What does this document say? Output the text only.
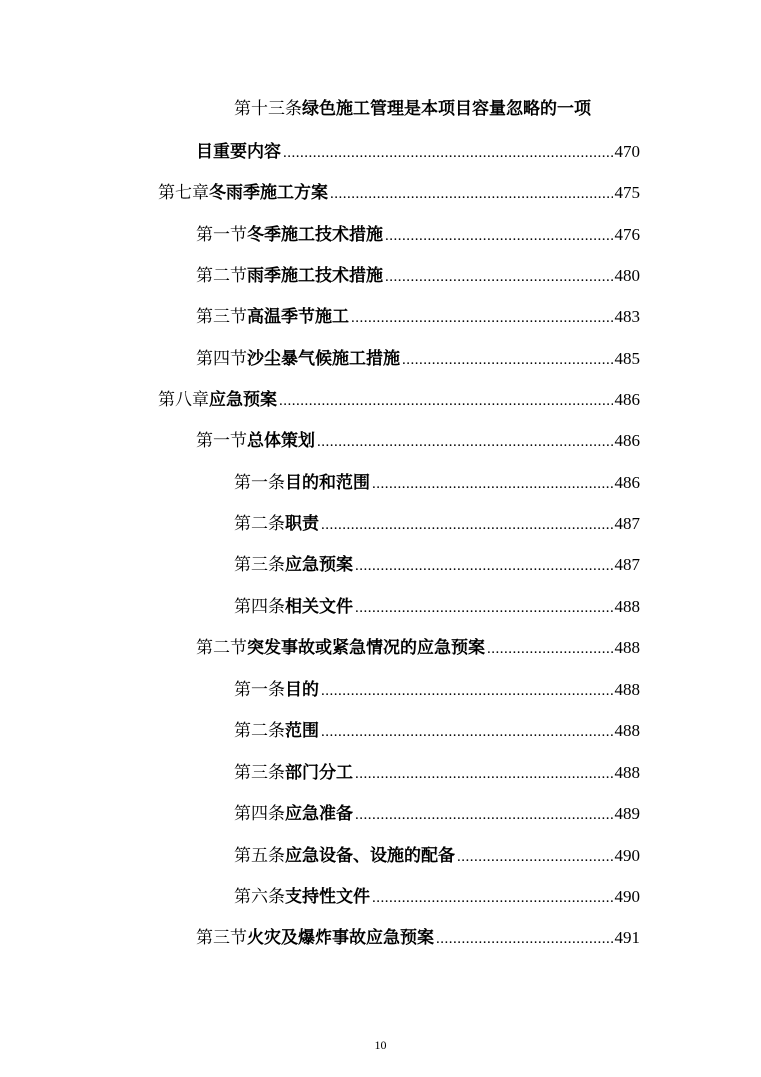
第十三条绿色施工管理是本项目容量忽略的一项
目重要内容 .....	470
第七章 冬雨季施工方案 .....	475
第一节 冬季施工技术措施 .....	476
第二节 雨季施工技术措施 .....	480
第三节 高温季节施工 .....	483
第四节 沙尘暴气候施工措施 .....	485
第八章 应急预案 .....	486
第一节 总体策划 .....	486
第一条 目的和范围 .....	486
第二条 职责 .....	487
第三条 应急预案 .....	487
第四条 相关文件 .....	488
第二节 突发事故或紧急情况的应急预案 .....	488
第一条 目的 .....	488
第二条 范围 .....	488
第三条 部门分工 .....	488
第四条 应急准备 .....	489
第五条 应急设备、设施的配备 .....	490
第六条 支持性文件 .....	490
第三节 火灾及爆炸事故应急预案 .....	491
10
